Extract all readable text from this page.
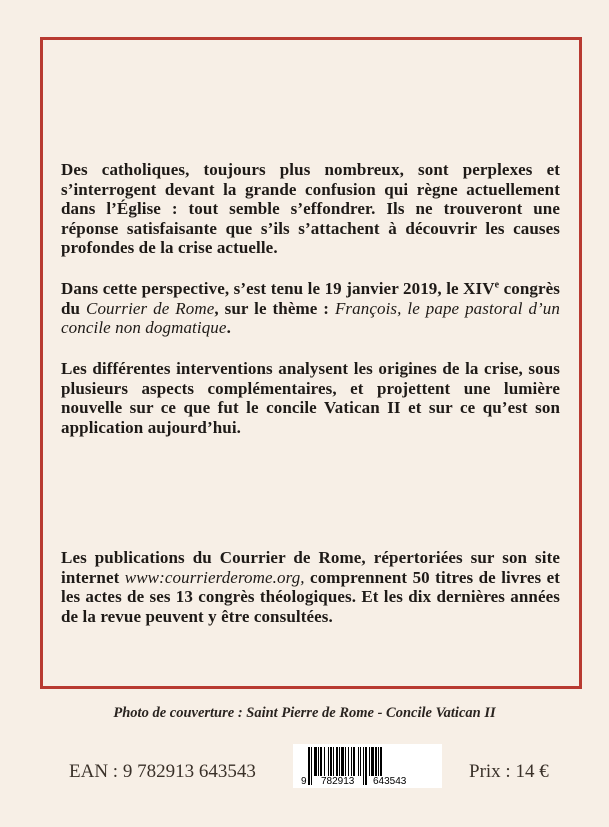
Des catholiques, toujours plus nombreux, sont perplexes et s’interrogent devant la grande confusion qui règne actuellement dans l’Église : tout semble s’effondrer. Ils ne trouveront une réponse satisfaisante que s’ils s’attachent à découvrir les causes profondes de la crise actuelle.
Dans cette perspective, s’est tenu le 19 janvier 2019, le XIVe congrès du Courrier de Rome, sur le thème : François, le pape pastoral d’un concile non dogmatique.
Les différentes interventions analysent les origines de la crise, sous plusieurs aspects complémentaires, et projettent une lumière nouvelle sur ce que fut le concile Vatican II et sur ce qu’est son application aujourd’hui.
Les publications du Courrier de Rome, répertoriées sur son site internet www:courrierderome.org, comprennent 50 titres de livres et les actes de ses 13 congrès théologiques. Et les dix dernières années de la revue peuvent y être consultées.
Photo de couverture : Saint Pierre de Rome - Concile Vatican II
EAN : 9 782913 643543	9 782913 643543	Prix : 14 €
